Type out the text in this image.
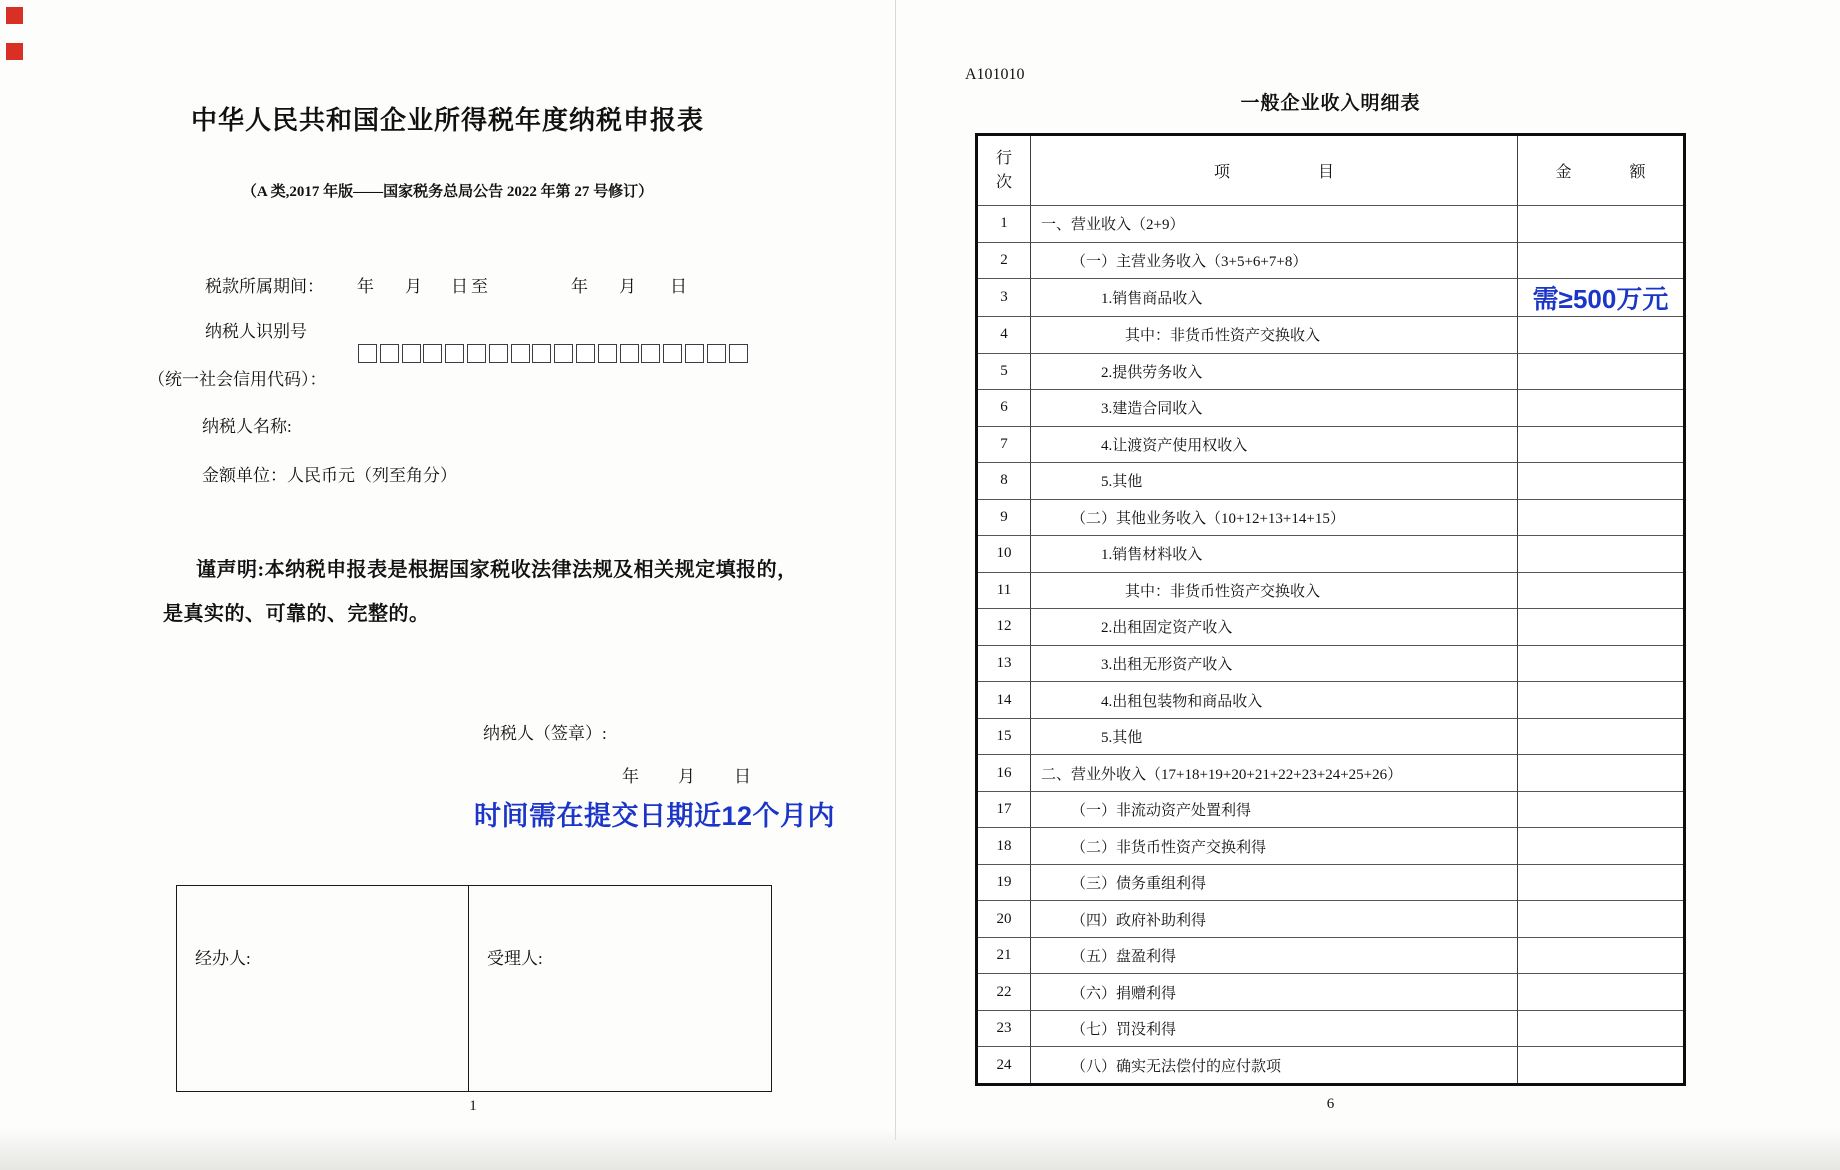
中华人民共和国企业所得税年度纳税申报表
（A 类,2017 年版——国家税务总局公告 2022 年第 27 号修订）
税款所属期间： 年 月 日 至	年 月 日
纳税人识别号
（统一社会信用代码）：
纳税人名称:
金额单位：人民币元（列至角分）
谨声明:本纳税申报表是根据国家税收法律法规及相关规定填报的，
是真实的、可靠的、完整的。
纳税人（签章）:
年 月 日
时间需在提交日期近12个月内
经办人:	受理人:
1
A101010
一般企业收入明细表
行次
项目	金额
1	一、营业收入（2+9）
2	（一）主营业务收入（3+5+6+7+8）
3	1.销售商品收入	需≥500万元
4	其中：非货币性资产交换收入
5	2.提供劳务收入
6	3.建造合同收入
7	4.让渡资产使用权收入
8	5.其他
9	（二）其他业务收入（10+12+13+14+15）
10	1.销售材料收入
11	其中：非货币性资产交换收入
12	2.出租固定资产收入
13	3.出租无形资产收入
14	4.出租包装物和商品收入
15	5.其他
16	二、营业外收入（17+18+19+20+21+22+23+24+25+26）
17	（一）非流动资产处置利得
18	（二）非货币性资产交换利得
19	（三）债务重组利得
20	（四）政府补助利得
21	（五）盘盈利得
22	（六）捐赠利得
23	（七）罚没利得
24	（八）确实无法偿付的应付款项
6
